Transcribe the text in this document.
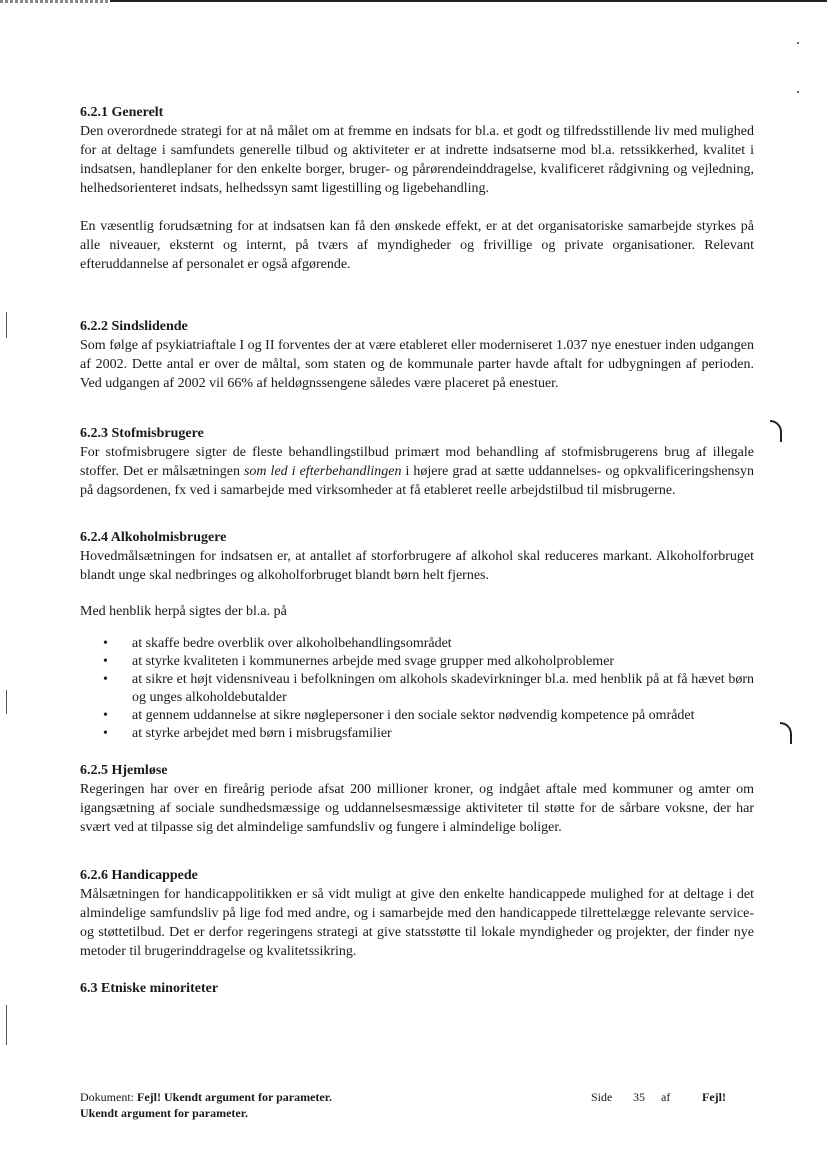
6.2.1 Generelt

Den overordnede strategi for at nå målet om at fremme en indsats for bl.a. et godt og tilfredsstillende liv med mulighed for at deltage i samfundets generelle tilbud og aktiviteter er at indrette indsatserne mod bl.a. retssikkerhed, kvalitet i indsatsen, handleplaner for den enkelte borger, bruger- og pårørendeinddragelse, kvalificeret rådgivning og vejledning, helhedsorienteret indsats, helhedssyn samt ligestilling og ligebehandling.

En væsentlig forudsætning for at indsatsen kan få den ønskede effekt, er at det organisatoriske samarbejde styrkes på alle niveauer, eksternt og internt, på tværs af myndigheder og frivillige og private organisationer. Relevant efteruddannelse af personalet er også afgørende.

6.2.2 Sindslidende

Som følge af psykiatriaftale I og II forventes der at være etableret eller moderniseret 1.037 nye enestuer inden udgangen af 2002. Dette antal er over de måltal, som staten og de kommunale parter havde aftalt for udbygningen af perioden. Ved udgangen af 2002 vil 66% af heldøgnssengene således være placeret på enestuer.

6.2.3 Stofmisbrugere

For stofmisbrugere sigter de fleste behandlingstilbud primært mod behandling af stofmisbrugerens brug af illegale stoffer. Det er målsætningen som led i efterbehandlingen i højere grad at sætte uddannelses- og opkvalificeringshensyn på dagsordenen, fx ved i samarbejde med virksomheder at få etableret reelle arbejdstilbud til misbrugerne.

6.2.4 Alkoholmisbrugere

Hovedmålsætningen for indsatsen er, at antallet af storforbrugere af alkohol skal reduceres markant. Alkoholforbruget blandt unge skal nedbringes og alkoholforbruget blandt børn helt fjernes.

Med henblik herpå sigtes der bl.a. på

• at skaffe bedre overblik over alkoholbehandlingsområdet
• at styrke kvaliteten i kommunernes arbejde med svage grupper med alkoholproblemer
• at sikre et højt vidensniveau i befolkningen om alkohols skadevirkninger bl.a. med henblik på at få hævet børn og unges alkoholdebutalder
• at gennem uddannelse at sikre nøglepersoner i den sociale sektor nødvendig kompetence på området
• at styrke arbejdet med børn i misbrugsfamilier
6.2.5 Hjemløse

Regeringen har over en fireårig periode afsat 200 millioner kroner, og indgået aftale med kommuner og amter om igangsætning af sociale sundhedsmæssige og uddannelsesmæssige aktiviteter til støtte for de sårbare voksne, der har svært ved at tilpasse sig det almindelige samfundsliv og fungere i almindelige boliger.

6.2.6 Handicappede

Målsætningen for handicappolitikken er så vidt muligt at give den enkelte handicappede mulighed for at deltage i det almindelige samfundsliv på lige fod med andre, og i samarbejde med den handicappede tilrettelægge relevante service- og støttetilbud. Det er derfor regeringens strategi at give statsstøtte til lokale myndigheder og projekter, der finder nye metoder til brugerinddragelse og kvalitetssikring.

6.3 Etniske minoriteter
Dokument: Fejl! Ukendt argument for parameter.
Ukendt argument for parameter.
Side 35 af	Fejl!
